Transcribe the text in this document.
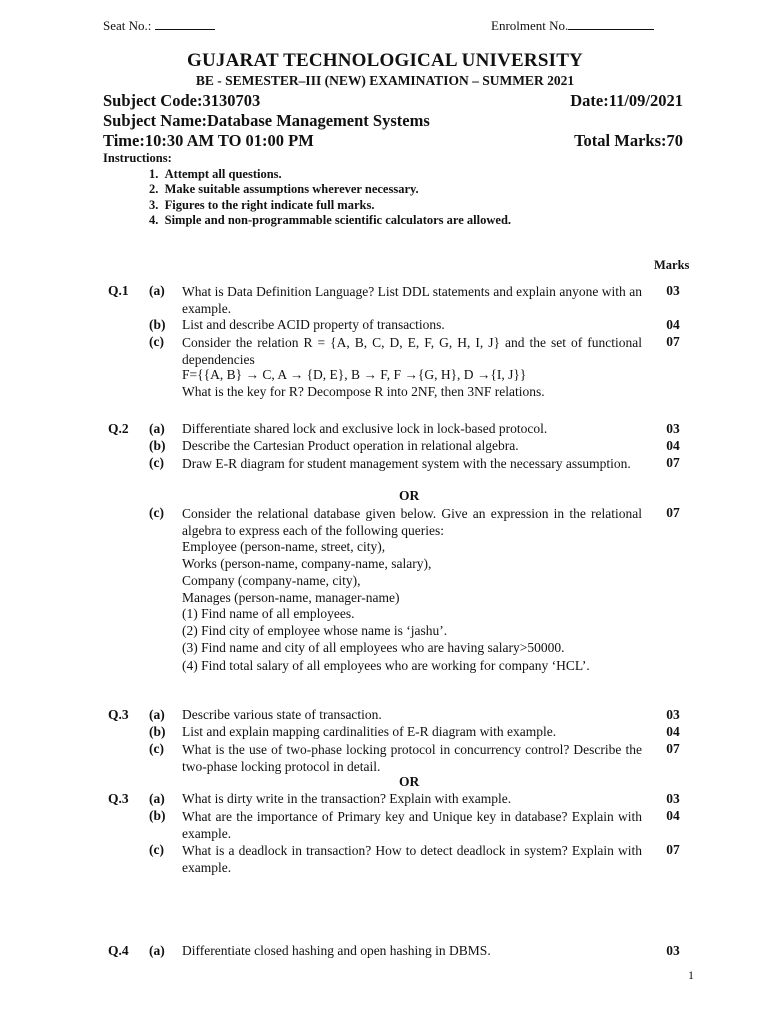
Seat No.:	Enrolment No.
GUJARAT TECHNOLOGICAL UNIVERSITY
BE - SEMESTER–III (NEW) EXAMINATION – SUMMER 2021
Subject Code:3130703	Date:11/09/2021
Subject Name:Database Management Systems
Time:10:30 AM TO 01:00 PM	Total Marks:70
Instructions:
1. Attempt all questions.
2. Make suitable assumptions wherever necessary.
3. Figures to the right indicate full marks.
4. Simple and non-programmable scientific calculators are allowed.
Marks
Q.1 (a) What is Data Definition Language? List DDL statements and explain anyone with an example.
03
(b) List and describe ACID property of transactions.	04
(c) Consider the relation R = {A, B, C, D, E, F, G, H, I, J} and the set of functional dependencies
F={{A, B} → C, A → {D, E}, B → F, F →{G, H}, D →{I, J}}
What is the key for R? Decompose R into 2NF, then 3NF relations.
07
Q.2 (a) Differentiate shared lock and exclusive lock in lock-based protocol.	03
(b) Describe the Cartesian Product operation in relational algebra.	04
(c) Draw E-R diagram for student management system with the necessary assumption.	07
OR
(c) Consider the relational database given below. Give an expression in the relational algebra to express each of the following queries:
07
Employee (person-name, street, city),
Works (person-name, company-name, salary),
Company (company-name, city),
Manages (person-name, manager-name)
(1) Find name of all employees.
(2) Find city of employee whose name is ‘jashu’.
(3) Find name and city of all employees who are having salary>50000.
(4) Find total salary of all employees who are working for company ‘HCL’.
Q.3 (a) Describe various state of transaction.	03
(b) List and explain mapping cardinalities of E-R diagram with example.	04
(c) What is the use of two-phase locking protocol in concurrency control? Describe the two-phase locking protocol in detail.
07
OR
Q.3 (a) What is dirty write in the transaction? Explain with example.	03
(b) What are the importance of Primary key and Unique key in database? Explain with example.
04
(c) What is a deadlock in transaction? How to detect deadlock in system? Explain with example.
07
Q.4 (a) Differentiate closed hashing and open hashing in DBMS.	03
1
